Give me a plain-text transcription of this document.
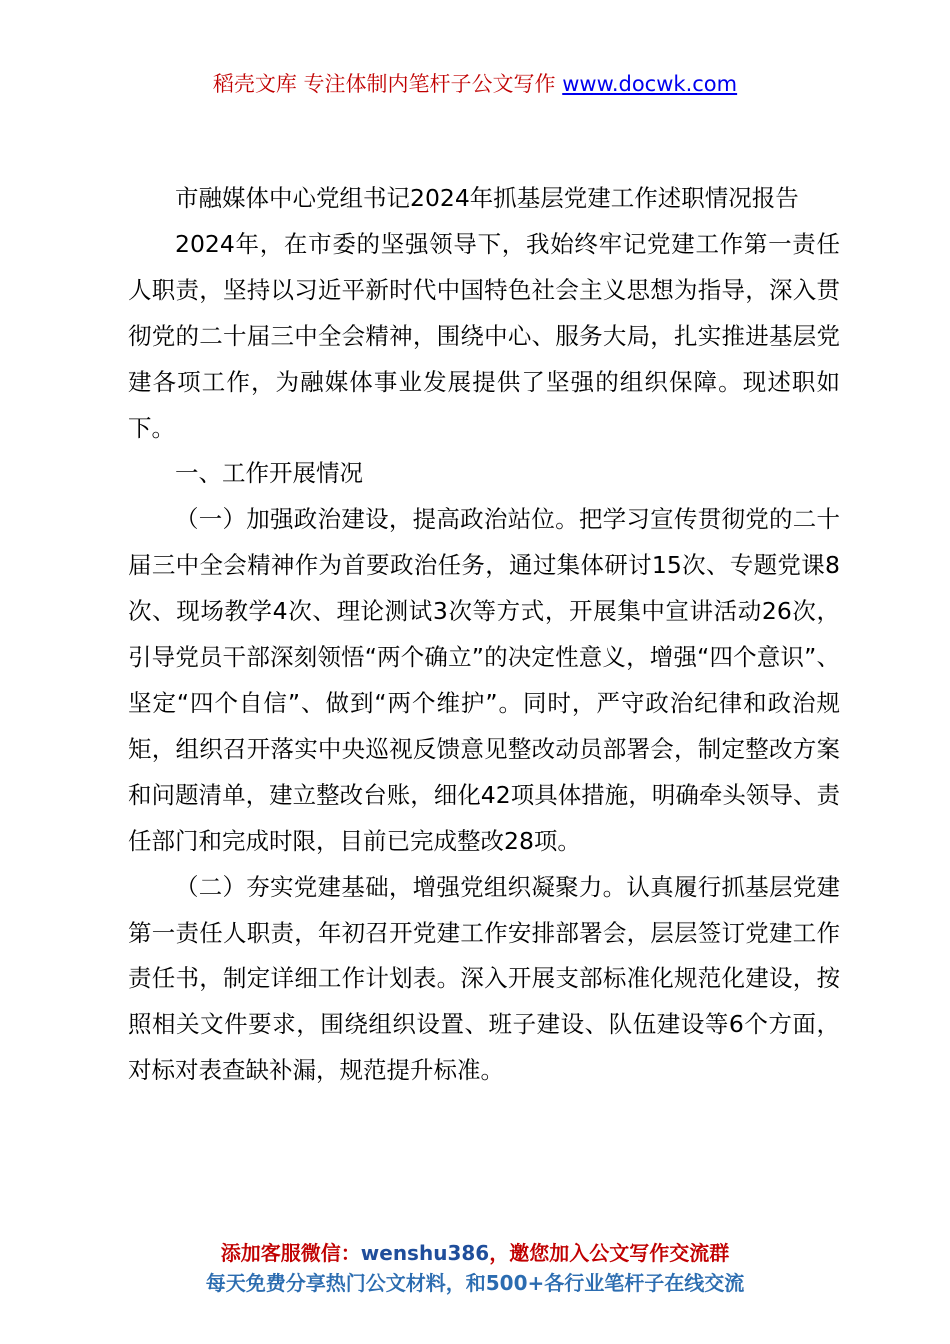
稻壳文库 专注体制内笔杆子公文写作 www.docwk.com

市融媒体中心党组书记2024年抓基层党建工作述职情况报告

2024年，在市委的坚强领导下，我始终牢记党建工作第一责任人职责，坚持以习近平新时代中国特色社会主义思想为指导，深入贯彻党的二十届三中全会精神，围绕中心、服务大局，扎实推进基层党建各项工作，为融媒体事业发展提供了坚强的组织保障。现述职如下。

一、工作开展情况

（一）加强政治建设，提高政治站位。把学习宣传贯彻党的二十届三中全会精神作为首要政治任务，通过集体研讨15次、专题党课8次、现场教学4次、理论测试3次等方式，开展集中宣讲活动26次，引导党员干部深刻领悟“两个确立”的决定性意义，增强“四个意识”、坚定“四个自信”、做到“两个维护”。同时，严守政治纪律和政治规矩，组织召开落实中央巡视反馈意见整改动员部署会，制定整改方案和问题清单，建立整改台账，细化42项具体措施，明确牵头领导、责任部门和完成时限，目前已完成整改28项。

（二）夯实党建基础，增强党组织凝聚力。认真履行抓基层党建第一责任人职责，年初召开党建工作安排部署会，层层签订党建工作责任书，制定详细工作计划表。深入开展支部标准化规范化建设，按照相关文件要求，围绕组织设置、班子建设、队伍建设等6个方面，对标对表查缺补漏，规范提升标准。

添加客服微信：wenshu386，邀您加入公文写作交流群
每天免费分享热门公文材料，和500+各行业笔杆子在线交流
